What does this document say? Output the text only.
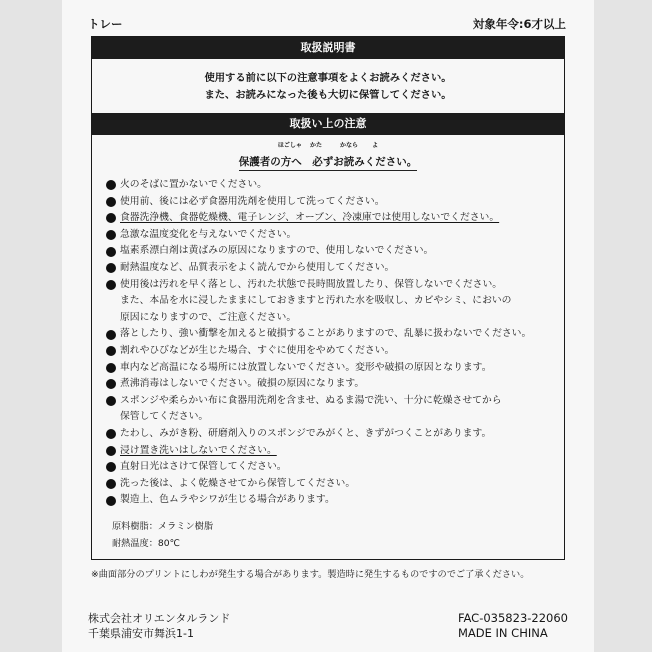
トレー	対象年令:6才以上
取扱説明書
使用する前に以下の注意事項をよくお読みください。
また、お読みになった後も大切に保管してください。
取扱い上の注意
ほごしゃ　 かた　　　かなら　　 よ
保護者の方へ　必ずお読みください。
火のそばに置かないでください。
使用前、後には必ず食器用洗剤を使用して洗ってください。
食器洗浄機、食器乾燥機、電子レンジ、オーブン、冷凍庫では使用しないでください。
急激な温度変化を与えないでください。
塩素系漂白剤は黄ばみの原因になりますので、使用しないでください。
耐熱温度など、品質表示をよく読んでから使用してください。
使用後は汚れを早く落とし、汚れた状態で長時間放置したり、保管しないでください。
また、本品を水に浸したままにしておきますと汚れた水を吸収し、カビやシミ、においの
原因になりますので、ご注意ください。
落としたり、強い衝撃を加えると破損することがありますので、乱暴に扱わないでください。
割れやひびなどが生じた場合、すぐに使用をやめてください。
車内など高温になる場所には放置しないでください。変形や破損の原因となります。
煮沸消毒はしないでください。破損の原因になります。
スポンジや柔らかい布に食器用洗剤を含ませ、ぬるま湯で洗い、十分に乾燥させてから
保管してください。
たわし、みがき粉、研磨剤入りのスポンジでみがくと、きずがつくことがあります。
浸け置き洗いはしないでください。
直射日光はさけて保管してください。
洗った後は、よく乾燥させてから保管してください。
製造上、色ムラやシワが生じる場合があります。
原料樹脂：メラミン樹脂
耐熱温度：80℃
※曲面部分のプリントにしわが発生する場合があります。製造時に発生するものですのでご了承ください。
株式会社オリエンタルランド
千葉県浦安市舞浜1-1
FAC-035823-22060
MADE IN CHINA
